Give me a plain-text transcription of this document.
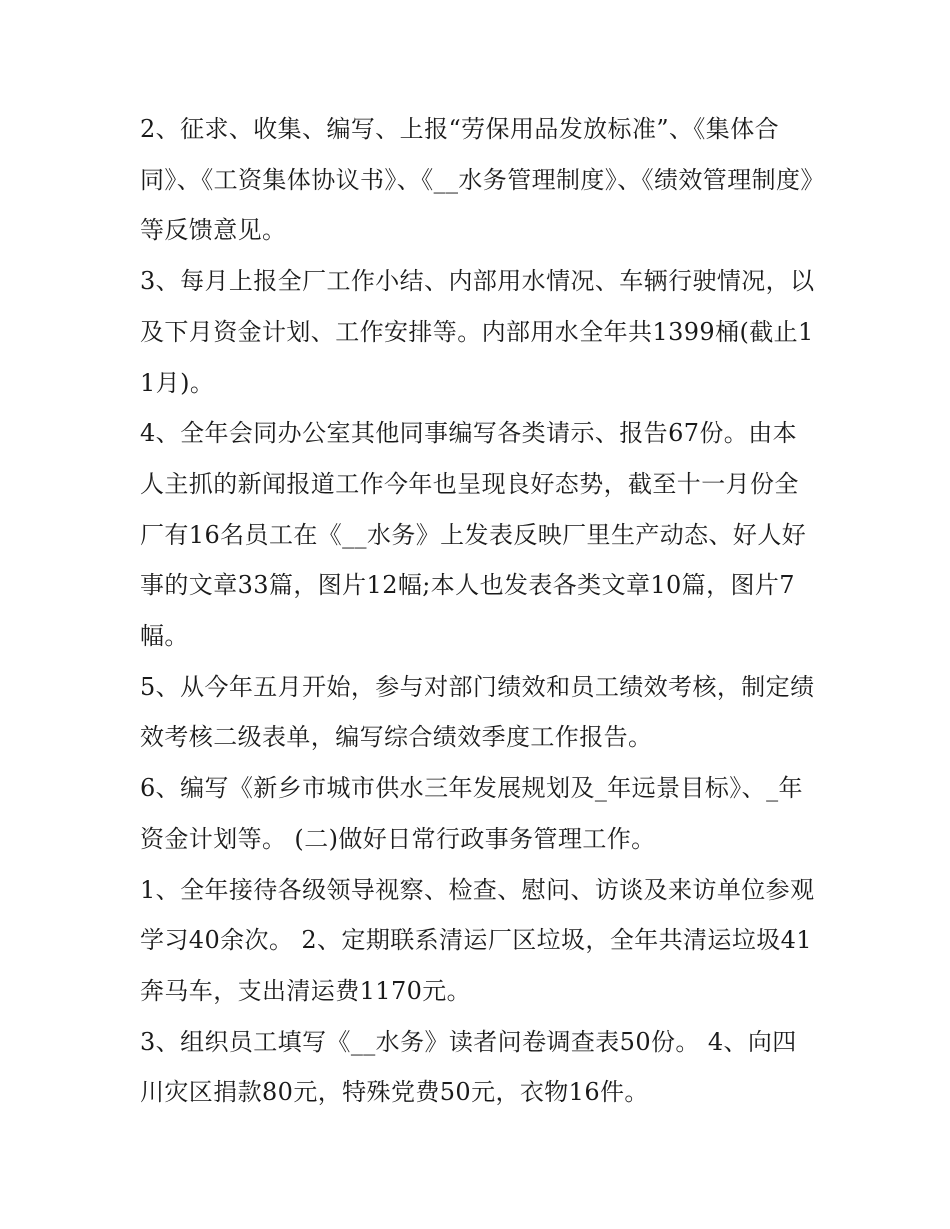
2、征求、收集、编写、上报“劳保用品发放标准”、《集体合同》、《工资集体协议书》、《__水务管理制度》、《绩效管理制度》等反馈意见。

3、每月上报全厂工作小结、内部用水情况、车辆行驶情况，以及下月资金计划、工作安排等。内部用水全年共1399桶(截止11月)。

4、全年会同办公室其他同事编写各类请示、报告67份。由本人主抓的新闻报道工作今年也呈现良好态势，截至十一月份全厂有16名员工在《__水务》上发表反映厂里生产动态、好人好事的文章33篇，图片12幅;本人也发表各类文章10篇，图片7幅。

5、从今年五月开始，参与对部门绩效和员工绩效考核，制定绩效考核二级表单，编写综合绩效季度工作报告。

6、编写《新乡市城市供水三年发展规划及_年远景目标》、_年资金计划等。 (二)做好日常行政事务管理工作。

1、全年接待各级领导视察、检查、慰问、访谈及来访单位参观学习40余次。 2、定期联系清运厂区垃圾，全年共清运垃圾41奔马车，支出清运费1170元。

3、组织员工填写《__水务》读者问卷调查表50份。 4、向四川灾区捐款80元，特殊党费50元，衣物16件。
